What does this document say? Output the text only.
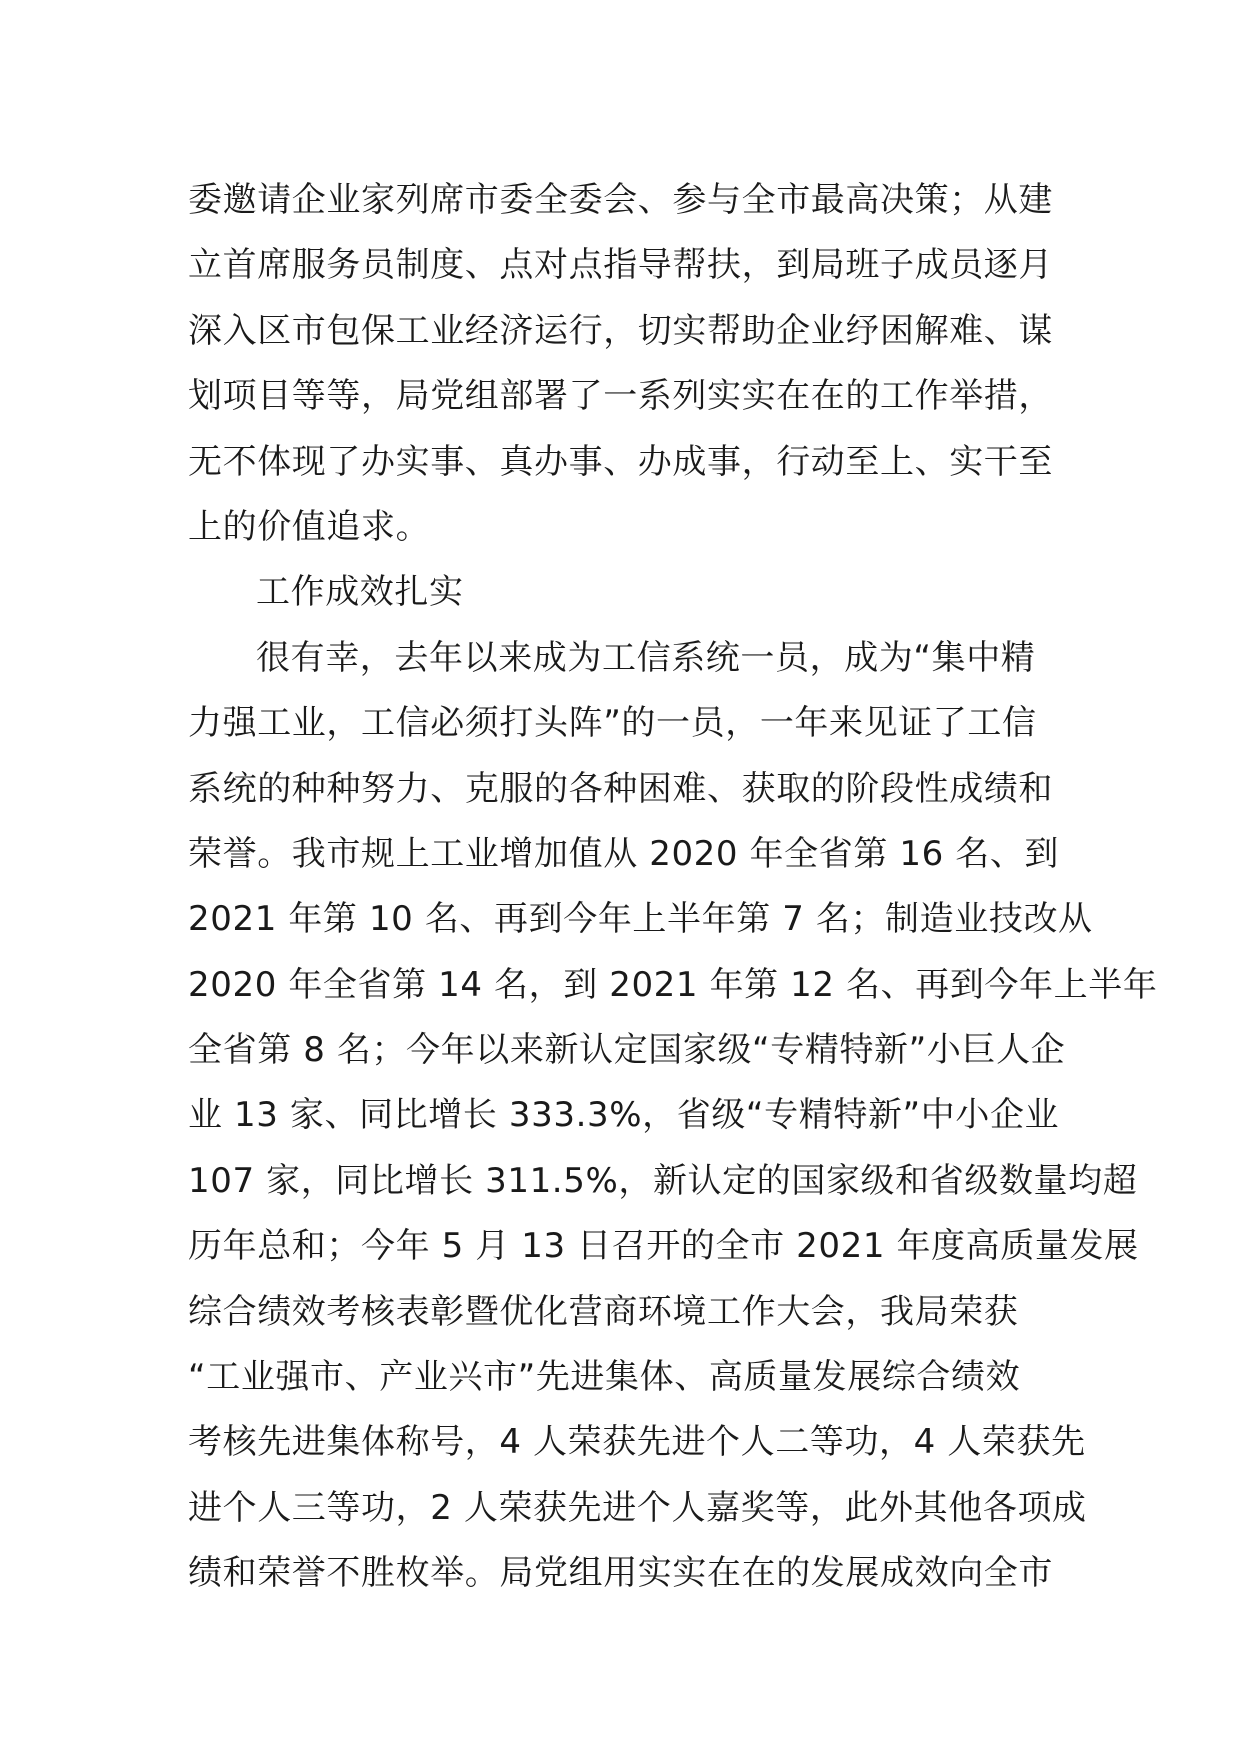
委邀请企业家列席市委全委会、参与全市最高决策；从建
立首席服务员制度、点对点指导帮扶，到局班子成员逐月
深入区市包保工业经济运行，切实帮助企业纾困解难、谋
划项目等等，局党组部署了一系列实实在在的工作举措，
无不体现了办实事、真办事、办成事，行动至上、实干至
上的价值追求。
工作成效扎实
很有幸，去年以来成为工信系统一员，成为“集中精
力强工业，工信必须打头阵”的一员，一年来见证了工信
系统的种种努力、克服的各种困难、获取的阶段性成绩和
荣誉。我市规上工业增加值从 2020 年全省第 16 名、到
2021 年第 10 名、再到今年上半年第 7 名；制造业技改从
2020 年全省第 14 名，到 2021 年第 12 名、再到今年上半年
全省第 8 名；今年以来新认定国家级“专精特新”小巨人企
业 13 家、同比增长 333.3%，省级“专精特新”中小企业
107 家，同比增长 311.5%，新认定的国家级和省级数量均超
历年总和；今年 5 月 13 日召开的全市 2021 年度高质量发展
综合绩效考核表彰暨优化营商环境工作大会，我局荣获
“工业强市、产业兴市”先进集体、高质量发展综合绩效
考核先进集体称号，4 人荣获先进个人二等功，4 人荣获先
进个人三等功，2 人荣获先进个人嘉奖等，此外其他各项成
绩和荣誉不胜枚举。局党组用实实在在的发展成效向全市
